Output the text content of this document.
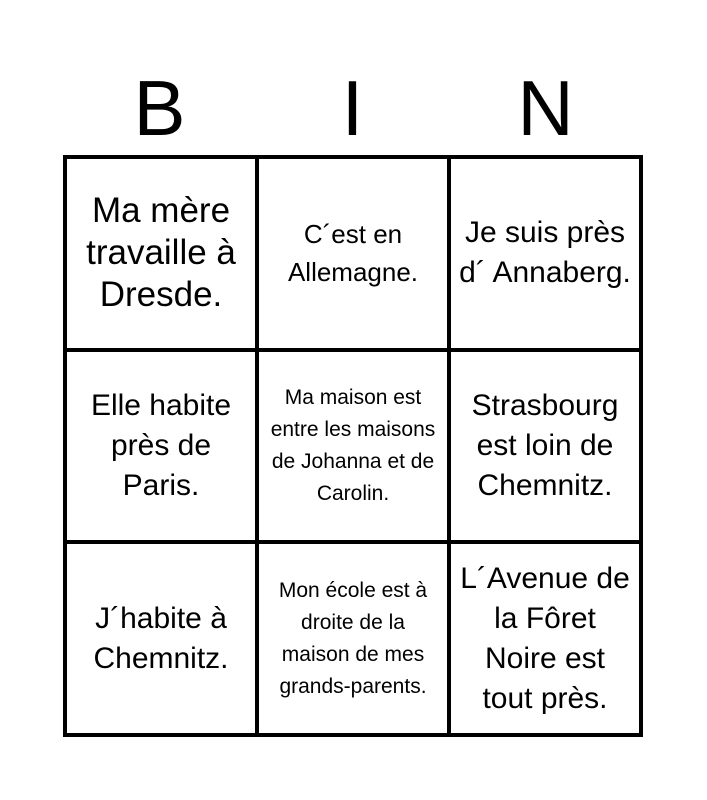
B	I	N
Ma mère travaille à Dresde.
C´est en Allemagne.
Je suis près d´ Annaberg.
Elle habite près de Paris.
Ma maison est entre les maisons de Johanna et de Carolin.
Strasbourg est loin de Chemnitz.
J´habite à Chemnitz.
Mon école est à droite de la maison de mes grands-parents.
L´Avenue de la Fôret Noire est tout près.
